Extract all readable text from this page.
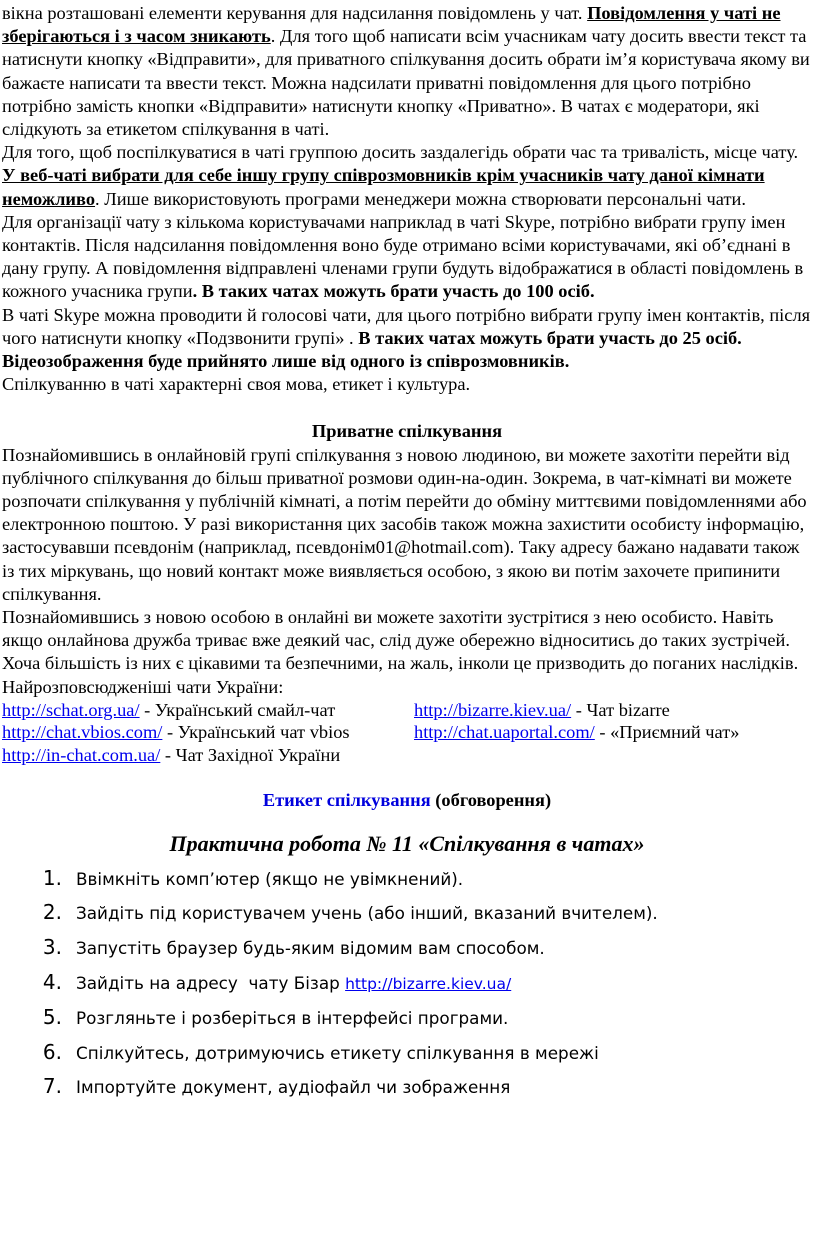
вікна розташовані елементи керування для надсилання повідомлень у чат. Повідомлення у чаті не зберігаються і з часом зникають. Для того щоб написати всім учасникам чату досить ввести текст та натиснути кнопку «Відправити», для приватного спілкування досить обрати ім’я користувача якому ви бажаєте написати та ввести текст. Можна надсилати приватні повідомлення для цього потрібно потрібно замість кнопки «Відправити» натиснути кнопку «Приватно». В чатах є модератори, які слідкують за етикетом спілкування в чаті.

Для того, щоб поспілкуватися в чаті группою досить заздалегідь обрати час та тривалість, місце чату. У веб-чаті вибрати для себе іншу групу співрозмовників крім учасників чату даної кімнати неможливо. Лише використовують програми менеджери можна створювати персональні чати.

Для організації чату з кількома користувачами наприклад в чаті Skype, потрібно вибрати групу імен контактів. Після надсилання повідомлення воно буде отримано всіми користувачами, які об’єднані в дану групу. А повідомлення відправлені членами групи будуть відображатися в області повідомлень в кожного учасника групи. В таких чатах можуть брати участь до 100 осіб.

В чаті Skype можна проводити й голосові чати, для цього потрібно вибрати групу імен контактів, після чого натиснути кнопку «Подзвонити групі» . В таких чатах можуть брати участь до 25 осіб. Відеозображення буде прийнято лише від одного із співрозмовників.

Спілкуванню в чаті характерні своя мова, етикет і культура.

Приватне спілкування

Познайомившись в онлайновій групі спілкування з новою людиною, ви можете захотіти перейти від публічного спілкування до більш приватної розмови один-на-один. Зокрема, в чат-кімнаті ви можете розпочати спілкування у публічній кімнаті, а потім перейти до обміну миттєвими повідомленнями або електронною поштою. У разі використання цих засобів також можна захистити особисту інформацію, застосувавши псевдонім (наприклад, псевдонім01@hotmail.com). Таку адресу бажано надавати також із тих міркувань, що новий контакт може виявляється особою, з якою ви потім захочете припинити спілкування.

Познайомившись з новою особою в онлайні ви можете захотіти зустрітися з нею особисто. Навіть якщо онлайнова дружба триває вже деякий час, слід дуже обережно відноситись до таких зустрічей. Хоча більшість із них є цікавими та безпечними, на жаль, інколи це призводить до поганих наслідків.

Найрозповсюдженіші чати України:

http://schat.org.ua/ - Український смайл-чат	http://bizarre.kiev.ua/ - Чат bizarre
http://chat.vbios.com/ - Український чат vbios	http://chat.uaportal.com/ - «Приємний чат»
http://in-chat.com.ua/ - Чат Західної України

Етикет спілкування (обговорення)

Практична робота № 11 «Спілкування в чатах»
1. Ввімкніть комп’ютер (якщо не увімкнений).
2. Зайдіть під користувачем учень (або інший, вказаний вчителем).
3. Запустіть браузер будь-яким відомим вам способом.
4. Зайдіть на адресу  чату Бізар http://bizarre.kiev.ua/
5. Розгляньте і розберіться в інтерфейсі програми.
6. Спілкуйтесь, дотримуючись етикету спілкування в мережі
7. Імпортуйте документ, аудіофайл чи зображення
